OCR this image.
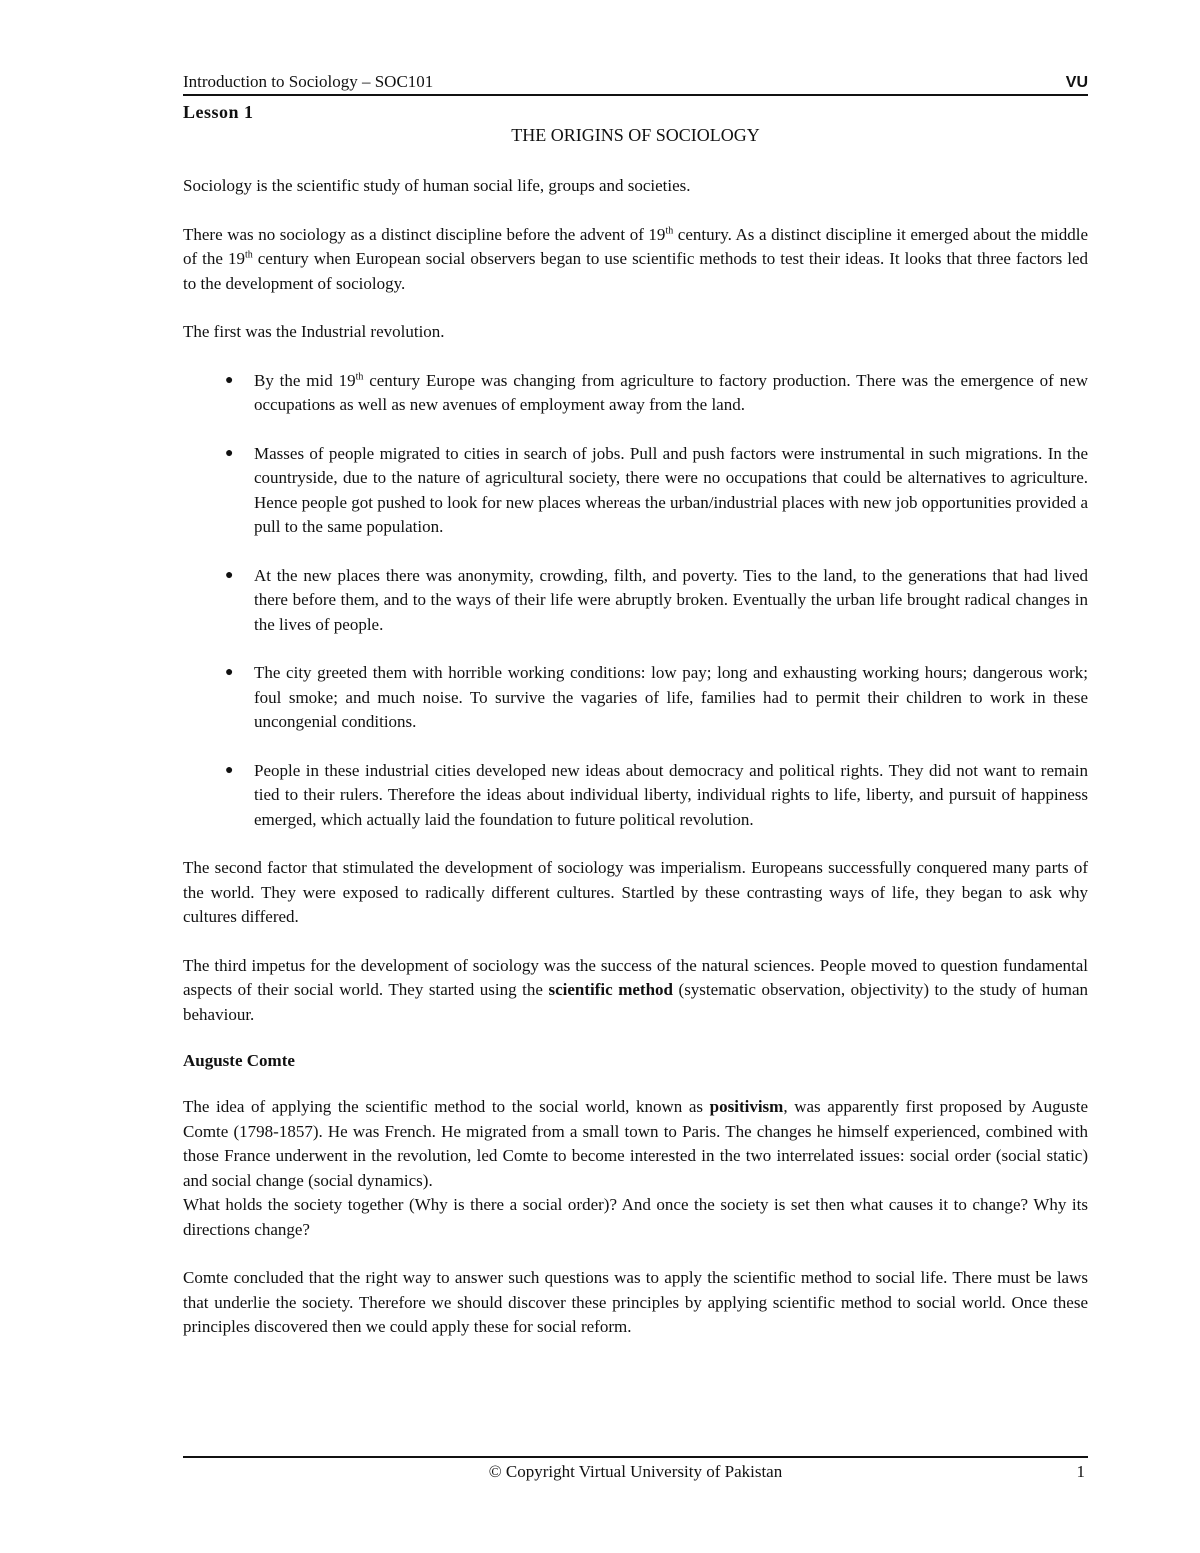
Introduction to Sociology – SOC101	VU
Lesson 1
THE ORIGINS OF SOCIOLOGY

Sociology is the scientific study of human social life, groups and societies.

There was no sociology as a distinct discipline before the advent of 19th century. As a distinct discipline it emerged about the middle of the 19th century when European social observers began to use scientific methods to test their ideas. It looks that three factors led to the development of sociology.

The first was the Industrial revolution.

● By the mid 19th century Europe was changing from agriculture to factory production. There was the emergence of new occupations as well as new avenues of employment away from the land.
● Masses of people migrated to cities in search of jobs. Pull and push factors were instrumental in such migrations. In the countryside, due to the nature of agricultural society, there were no occupations that could be alternatives to agriculture. Hence people got pushed to look for new places whereas the urban/industrial places with new job opportunities provided a pull to the same population.
● At the new places there was anonymity, crowding, filth, and poverty. Ties to the land, to the generations that had lived there before them, and to the ways of their life were abruptly broken. Eventually the urban life brought radical changes in the lives of people.
● The city greeted them with horrible working conditions: low pay; long and exhausting working hours; dangerous work; foul smoke; and much noise. To survive the vagaries of life, families had to permit their children to work in these uncongenial conditions.
● People in these industrial cities developed new ideas about democracy and political rights. They did not want to remain tied to their rulers. Therefore the ideas about individual liberty, individual rights to life, liberty, and pursuit of happiness emerged, which actually laid the foundation to future political revolution.

The second factor that stimulated the development of sociology was imperialism. Europeans successfully conquered many parts of the world. They were exposed to radically different cultures. Startled by these contrasting ways of life, they began to ask why cultures differed.

The third impetus for the development of sociology was the success of the natural sciences. People moved to question fundamental aspects of their social world. They started using the scientific method (systematic observation, objectivity) to the study of human behaviour.

Auguste Comte

The idea of applying the scientific method to the social world, known as positivism, was apparently first proposed by Auguste Comte (1798-1857). He was French. He migrated from a small town to Paris. The changes he himself experienced, combined with those France underwent in the revolution, led Comte to become interested in the two interrelated issues: social order (social static) and social change (social dynamics).

What holds the society together (Why is there a social order)? And once the society is set then what causes it to change? Why its directions change?

Comte concluded that the right way to answer such questions was to apply the scientific method to social life. There must be laws that underlie the society. Therefore we should discover these principles by applying scientific method to social world. Once these principles discovered then we could apply these for social reform.

© Copyright Virtual University of Pakistan	1
